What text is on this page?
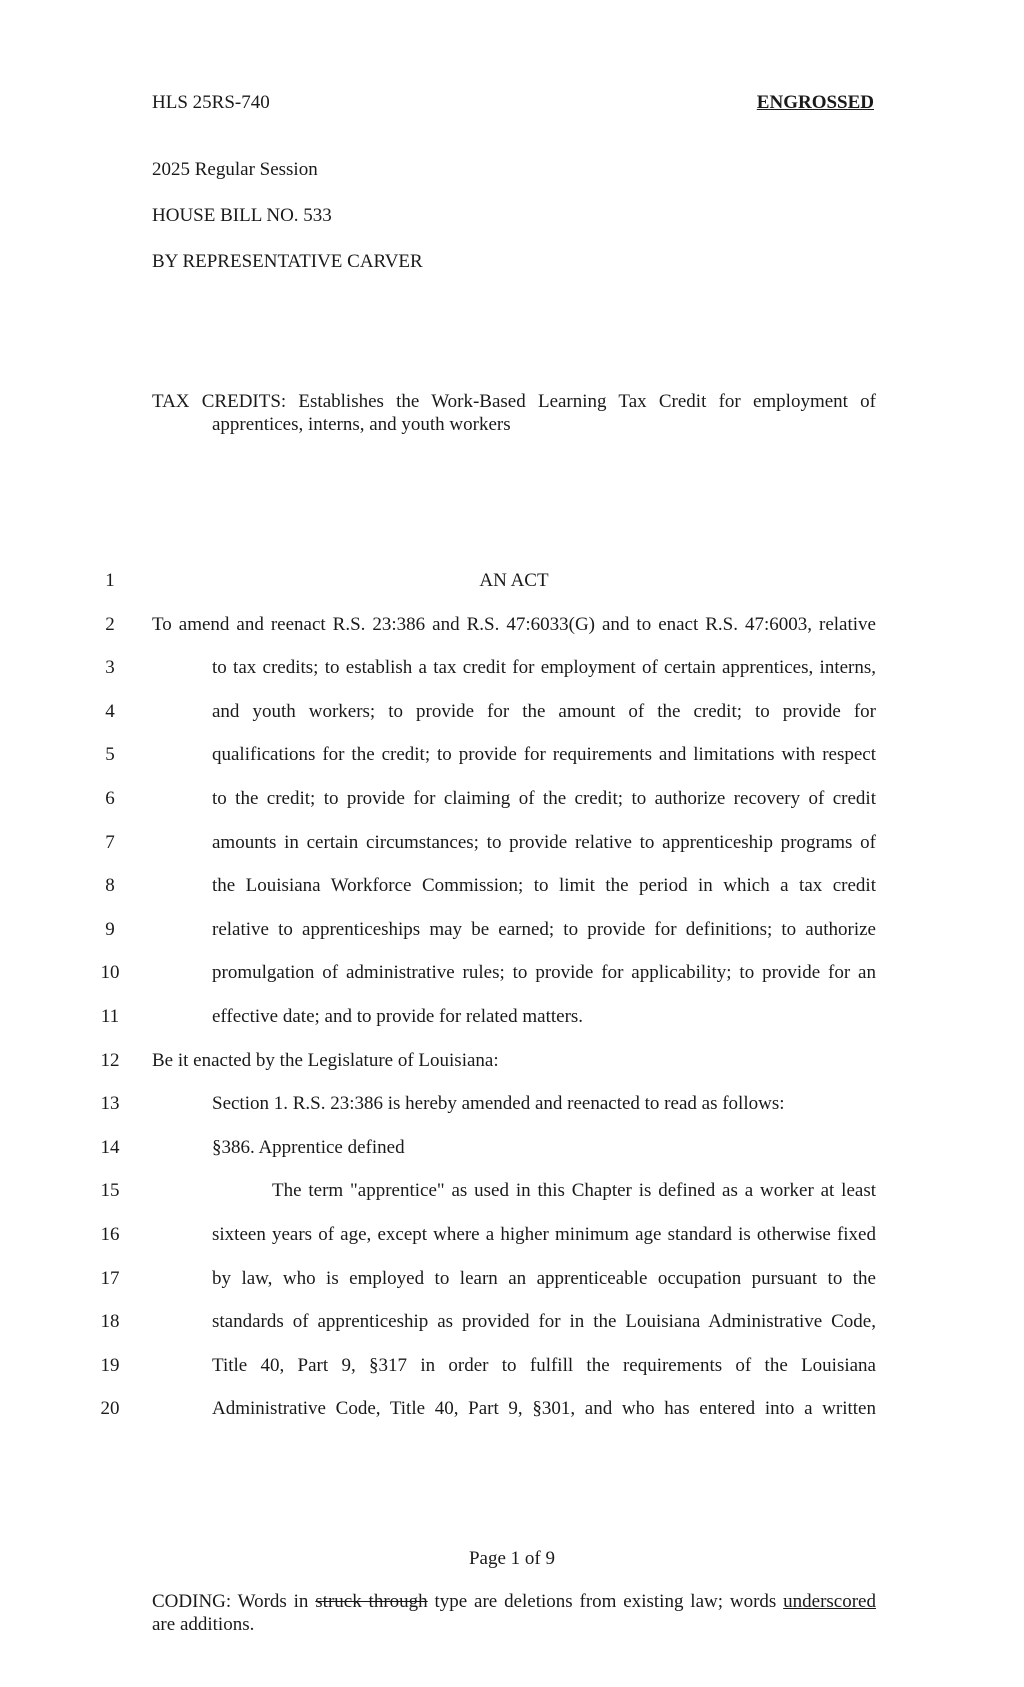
HLS 25RS-740	ENGROSSED
2025 Regular Session
HOUSE BILL NO. 533
BY REPRESENTATIVE CARVER
TAX CREDITS: Establishes the Work-Based Learning Tax Credit for employment of
apprentices, interns, and youth workers
1	AN ACT
2	To amend and reenact R.S. 23:386 and R.S. 47:6033(G) and to enact R.S. 47:6003, relative
3	to tax credits; to establish a tax credit for employment of certain apprentices, interns,
4	and youth workers; to provide for the amount of the credit; to provide for
5	qualifications for the credit; to provide for requirements and limitations with respect
6	to the credit; to provide for claiming of the credit; to authorize recovery of credit
7	amounts in certain circumstances; to provide relative to apprenticeship programs of
8	the Louisiana Workforce Commission; to limit the period in which a tax credit
9	relative to apprenticeships may be earned; to provide for definitions; to authorize
10	promulgation of administrative rules; to provide for applicability; to provide for an
11	effective date; and to provide for related matters.
12	Be it enacted by the Legislature of Louisiana:
13	Section 1. R.S. 23:386 is hereby amended and reenacted to read as follows:
14	§386. Apprentice defined
15	The term "apprentice" as used in this Chapter is defined as a worker at least
16	sixteen years of age, except where a higher minimum age standard is otherwise fixed
17	by law, who is employed to learn an apprenticeable occupation pursuant to the
18	standards of apprenticeship as provided for in the Louisiana Administrative Code,
19	Title 40, Part 9, §317 in order to fulfill the requirements of the Louisiana
20	Administrative Code, Title 40, Part 9, §301, and who has entered into a written
Page 1 of 9
CODING: Words in struck through type are deletions from existing law; words underscored
are additions.
